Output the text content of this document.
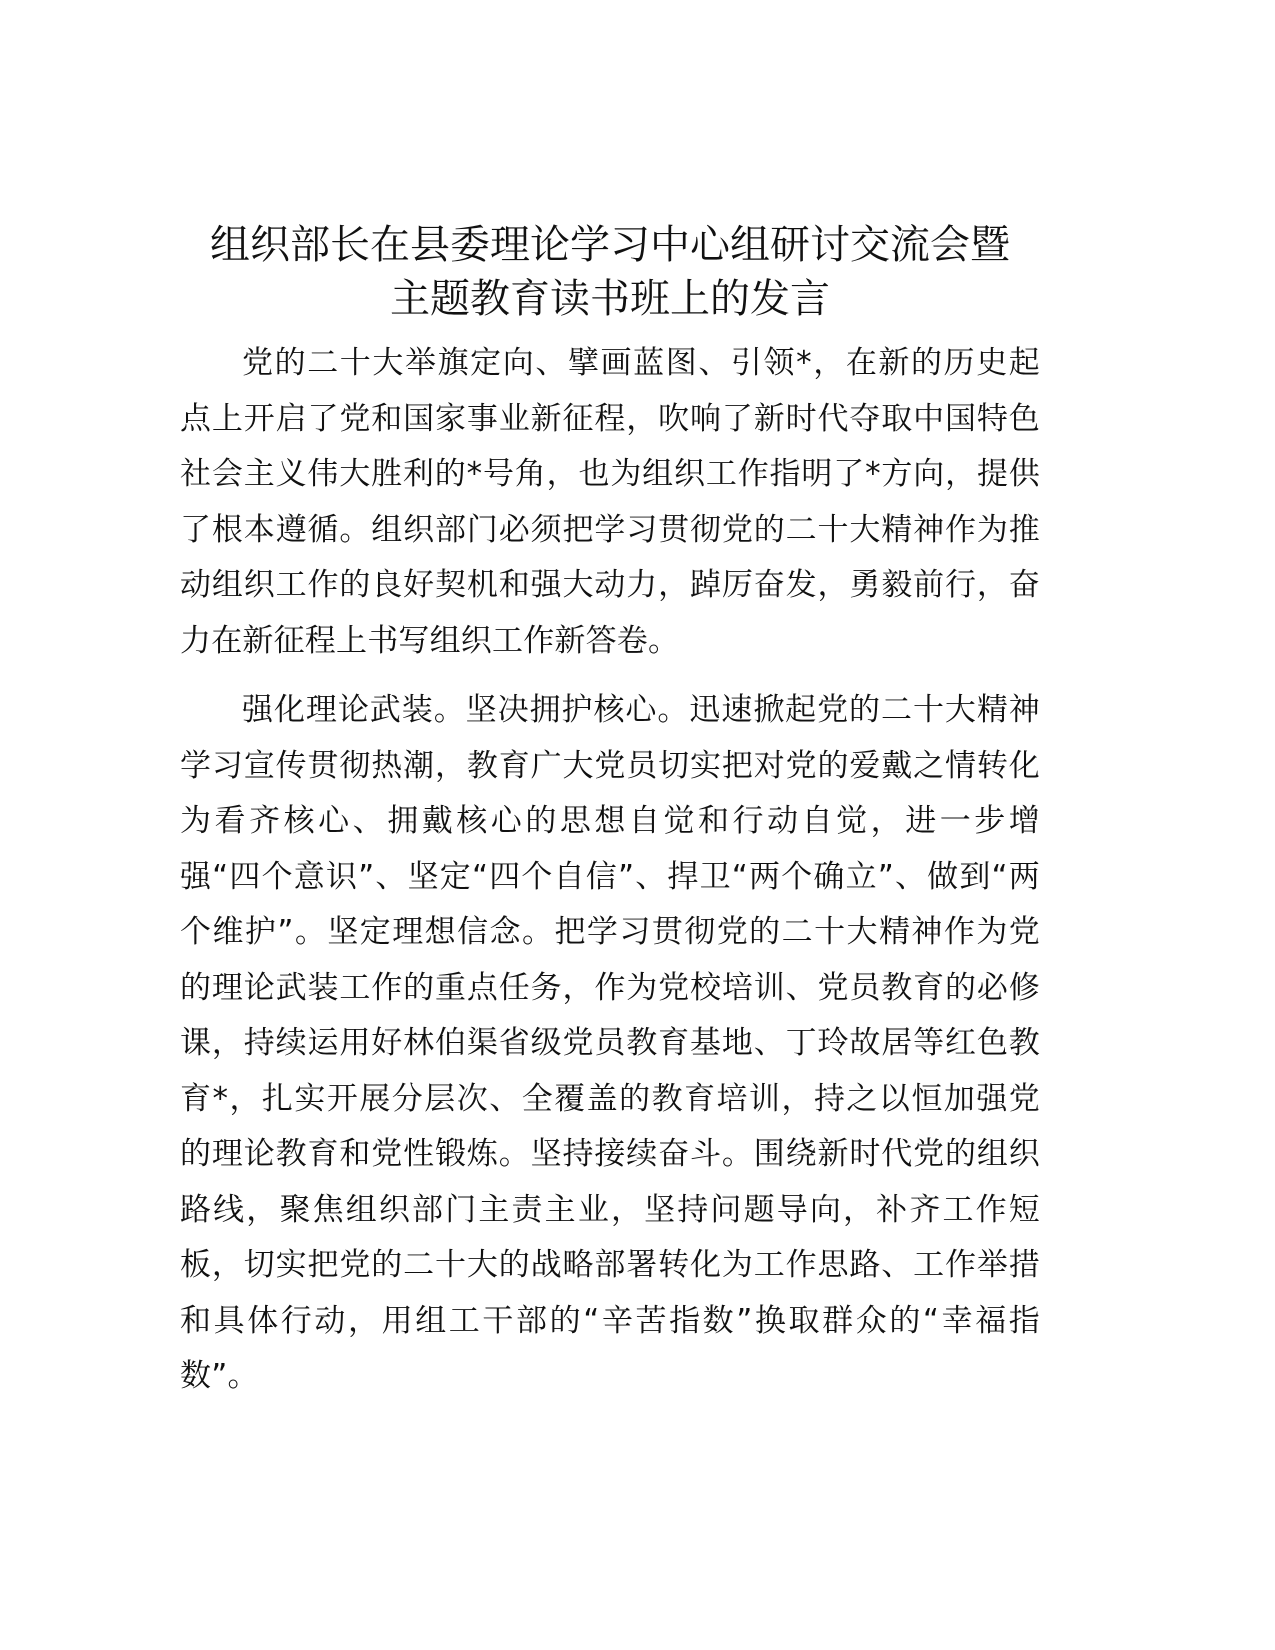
组织部长在县委理论学习中心组研讨交流会暨
主题教育读书班上的发言
党的二十大举旗定向、擘画蓝图、引领*，在新的历史起
点上开启了党和国家事业新征程，吹响了新时代夺取中国特色
社会主义伟大胜利的*号角，也为组织工作指明了*方向，提供
了根本遵循。组织部门必须把学习贯彻党的二十大精神作为推
动组织工作的良好契机和强大动力，踔厉奋发，勇毅前行，奋
力在新征程上书写组织工作新答卷。
强化理论武装。坚决拥护核心。迅速掀起党的二十大精神
学习宣传贯彻热潮，教育广大党员切实把对党的爱戴之情转化
为看齐核心、拥戴核心的思想自觉和行动自觉，进一步增
强“四个意识”、坚定“四个自信”、捍卫“两个确立”、做到“两
个维护”。坚定理想信念。把学习贯彻党的二十大精神作为党
的理论武装工作的重点任务，作为党校培训、党员教育的必修
课，持续运用好林伯渠省级党员教育基地、丁玲故居等红色教
育*，扎实开展分层次、全覆盖的教育培训，持之以恒加强党
的理论教育和党性锻炼。坚持接续奋斗。围绕新时代党的组织
路线，聚焦组织部门主责主业，坚持问题导向，补齐工作短
板，切实把党的二十大的战略部署转化为工作思路、工作举措
和具体行动，用组工干部的“辛苦指数”换取群众的“幸福指
数”。
